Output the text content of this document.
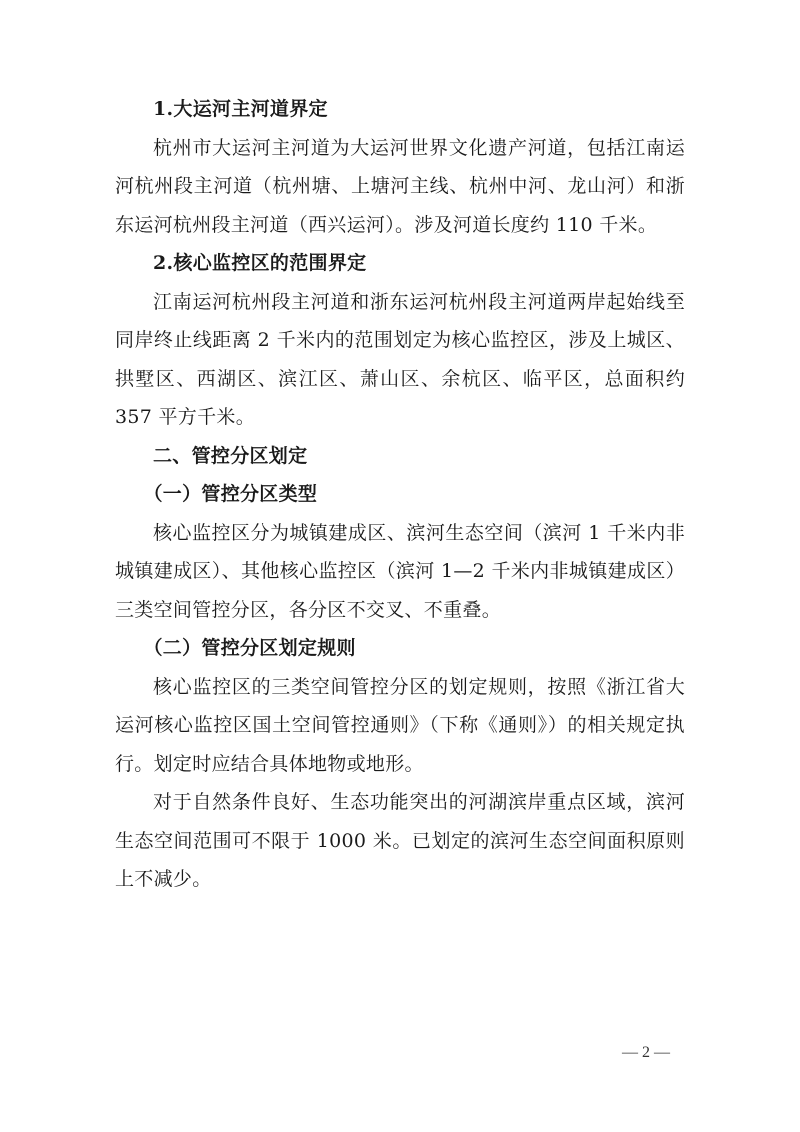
1.大运河主河道界定

杭州市大运河主河道为大运河世界文化遗产河道，包括江南运河杭州段主河道（杭州塘、上塘河主线、杭州中河、龙山河）和浙东运河杭州段主河道（西兴运河）。涉及河道长度约 110 千米。

2.核心监控区的范围界定

江南运河杭州段主河道和浙东运河杭州段主河道两岸起始线至同岸终止线距离 2 千米内的范围划定为核心监控区，涉及上城区、拱墅区、西湖区、滨江区、萧山区、余杭区、临平区，总面积约 357 平方千米。

二、管控分区划定

（一）管控分区类型

核心监控区分为城镇建成区、滨河生态空间（滨河 1 千米内非城镇建成区）、其他核心监控区（滨河 1—2 千米内非城镇建成区）三类空间管控分区，各分区不交叉、不重叠。

（二）管控分区划定规则

核心监控区的三类空间管控分区的划定规则，按照《浙江省大运河核心监控区国土空间管控通则》（下称《通则》）的相关规定执行。划定时应结合具体地物或地形。

对于自然条件良好、生态功能突出的河湖滨岸重点区域，滨河生态空间范围可不限于 1000 米。已划定的滨河生态空间面积原则上不减少。

— 2 —
